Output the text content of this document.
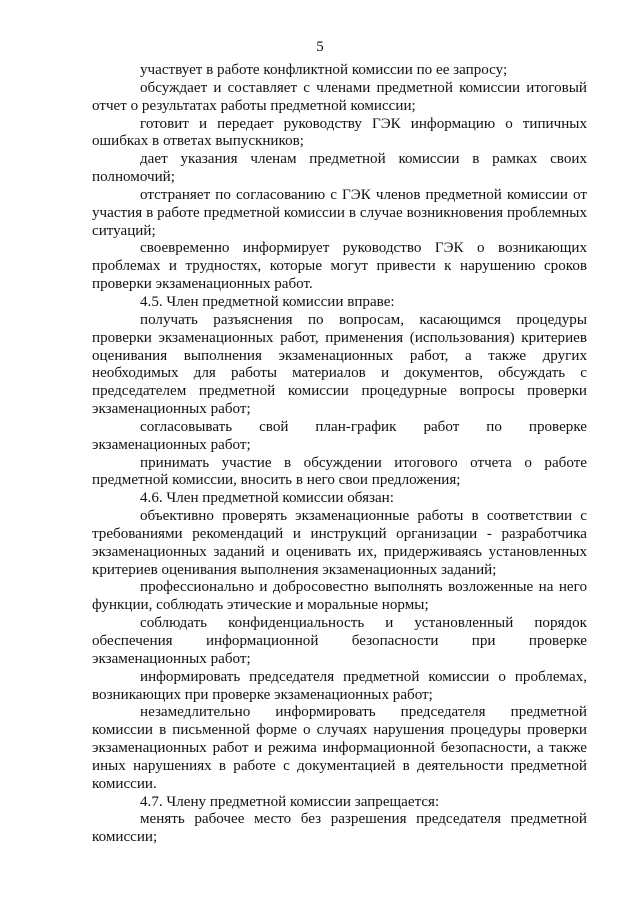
5

участвует в работе конфликтной комиссии по ее запросу;

обсуждает и составляет с членами предметной комиссии итоговый отчет о результатах работы предметной комиссии;

готовит и передает руководству ГЭК информацию о типичных ошибках в ответах выпускников;

дает указания членам предметной комиссии в рамках своих полномочий;

отстраняет по согласованию с ГЭК членов предметной комиссии от участия в работе предметной комиссии в случае возникновения проблемных ситуаций;

своевременно информирует руководство ГЭК о возникающих проблемах и трудностях, которые могут привести к нарушению сроков проверки экзаменационных работ.

4.5. Член предметной комиссии вправе:

получать разъяснения по вопросам, касающимся процедуры проверки экзаменационных работ, применения (использования) критериев оценивания выполнения экзаменационных работ, а также других необходимых для работы материалов и документов, обсуждать с председателем предметной комиссии процедурные вопросы проверки экзаменационных работ;

согласовывать свой план-график работ по проверке экзаменационных работ;

принимать участие в обсуждении итогового отчета о работе предметной комиссии, вносить в него свои предложения;

4.6. Член предметной комиссии обязан:

объективно проверять экзаменационные работы в соответствии с требованиями рекомендаций и инструкций организации - разработчика экзаменационных заданий и оценивать их, придерживаясь установленных критериев оценивания выполнения экзаменационных заданий;

профессионально и добросовестно выполнять возложенные на него функции, соблюдать этические и моральные нормы;

соблюдать конфиденциальность и установленный порядок обеспечения информационной безопасности при проверке экзаменационных работ;

информировать председателя предметной комиссии о проблемах, возникающих при проверке экзаменационных работ;

незамедлительно информировать председателя предметной комиссии в письменной форме о случаях нарушения процедуры проверки экзаменационных работ и режима информационной безопасности, а также иных нарушениях в работе с документацией в деятельности предметной комиссии.

4.7. Члену предметной комиссии запрещается:

менять рабочее место без разрешения председателя предметной комиссии;
